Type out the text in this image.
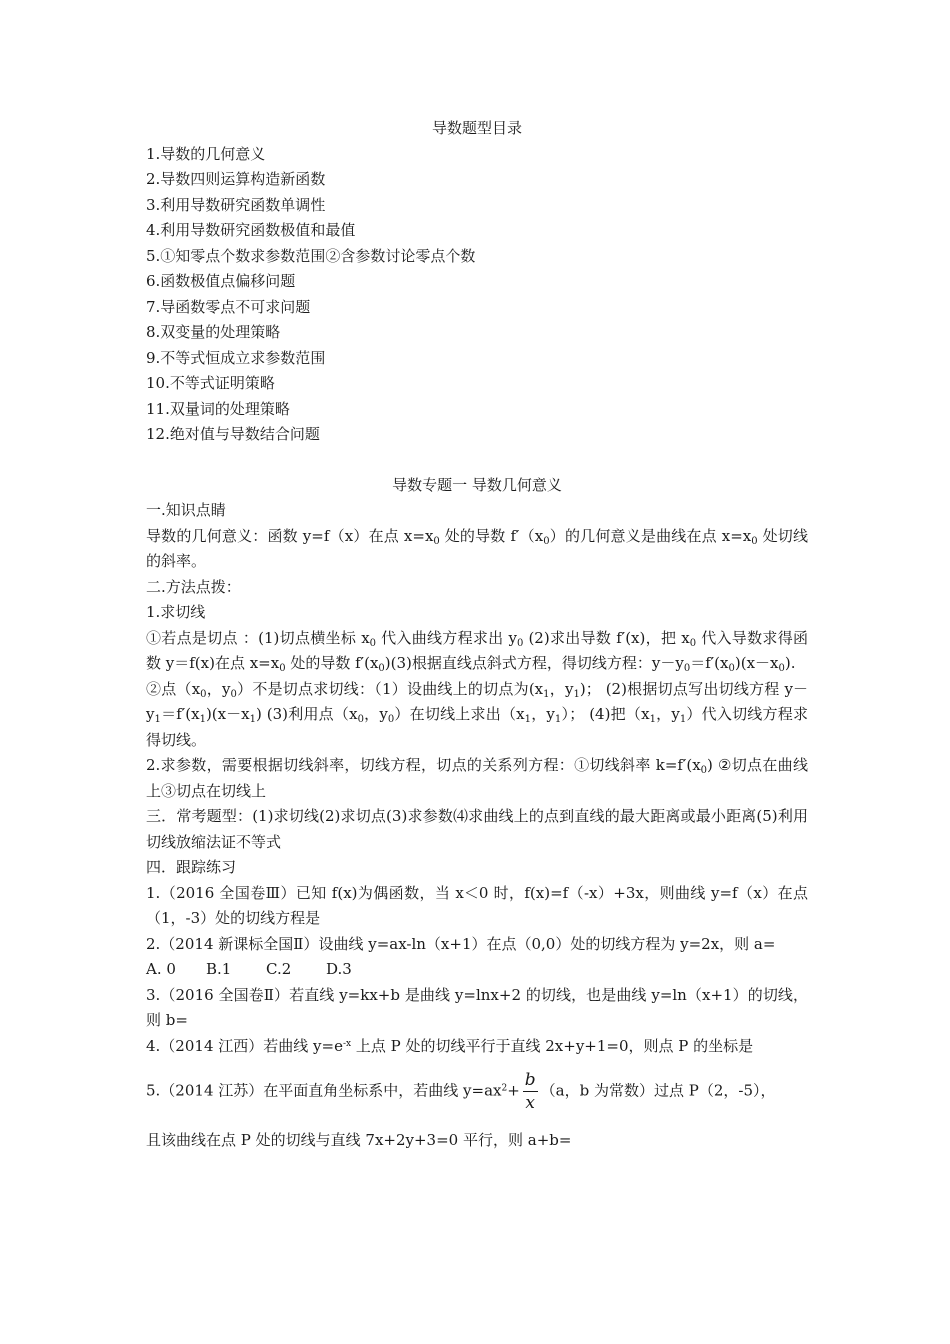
导数题型目录
1.导数的几何意义
2.导数四则运算构造新函数
3.利用导数研究函数单调性
4.利用导数研究函数极值和最值
5.①知零点个数求参数范围②含参数讨论零点个数
6.函数极值点偏移问题
7.导函数零点不可求问题
8.双变量的处理策略
9.不等式恒成立求参数范围
10.不等式证明策略
11.双量词的处理策略
12.绝对值与导数结合问题
导数专题一 导数几何意义
一.知识点睛
导数的几何意义：函数 y=f（x）在点 $x=x_0$ 处的导数 $f'(x_0)$的几何意义是曲线在点 $x=x_0$ 处切线的斜率。
二.方法点拨：
1.求切线
①若点是切点 ：(1)切点横坐标 $x_0$ 代入曲线方程求出 $y_0$ (2)求出导数 f′(x)，把 $x_0$ 代入导数求得函数 y＝f(x)在点 $x=x_0$ 处的导数 $f'(x_0)(3)$根据直线点斜式方程，得切线方程：$y-y_0=f'(x_0)(x-x_0)$.
②点（$x_0$，$y_0$）不是切点求切线：（1）设曲线上的切点为($x_1$，$y_1$)； (2)根据切点写出切线方程 $y-y_1=f'(x_1)(x-x_1)$ (3)利用点（$x_0$，$y_0$）在切线上求出（$x_1$，$y_1$）； (4)把（$x_1$，$y_1$）代入切线方程求得切线。
2.求参数，需要根据切线斜率，切线方程，切点的关系列方程：①切线斜率 $k=f'(x_0)$ ②切点在曲线上③切点在切线上
三．常考题型：(1)求切线(2)求切点(3)求参数⑷求曲线上的点到直线的最大距离或最小距离(5)利用切线放缩法证不等式
四．跟踪练习
1.（2016 全国卷Ⅲ）已知 f(x)为偶函数，当 x＜0 时，f(x)=f（-x）+3x，则曲线 y=f（x）在点（1，-3）处的切线方程是
2.（2014 新课标全国Ⅱ）设曲线 y=ax-ln（x+1）在点（0,0）处的切线方程为 y=2x，则 a=
A. 0 B.1 C.2 D.3
3.（2016 全国卷Ⅱ）若直线 y=kx+b 是曲线 y=lnx+2 的切线，也是曲线 y=ln（x+1）的切线，则 b=
4.（2014 江西）若曲线 $y=e^{-x}$ 上点 P 处的切线平行于直线 2x+y+1=0，则点 P 的坐标是
5.（2014 江苏）在平面直角坐标系中，若曲线 $y=ax^2+ \frac{b}{x} (a$，b 为常数）过点 P（2，-5），
且该曲线在点 P 处的切线与直线 7x+2y+3=0 平行，则 a+b=
